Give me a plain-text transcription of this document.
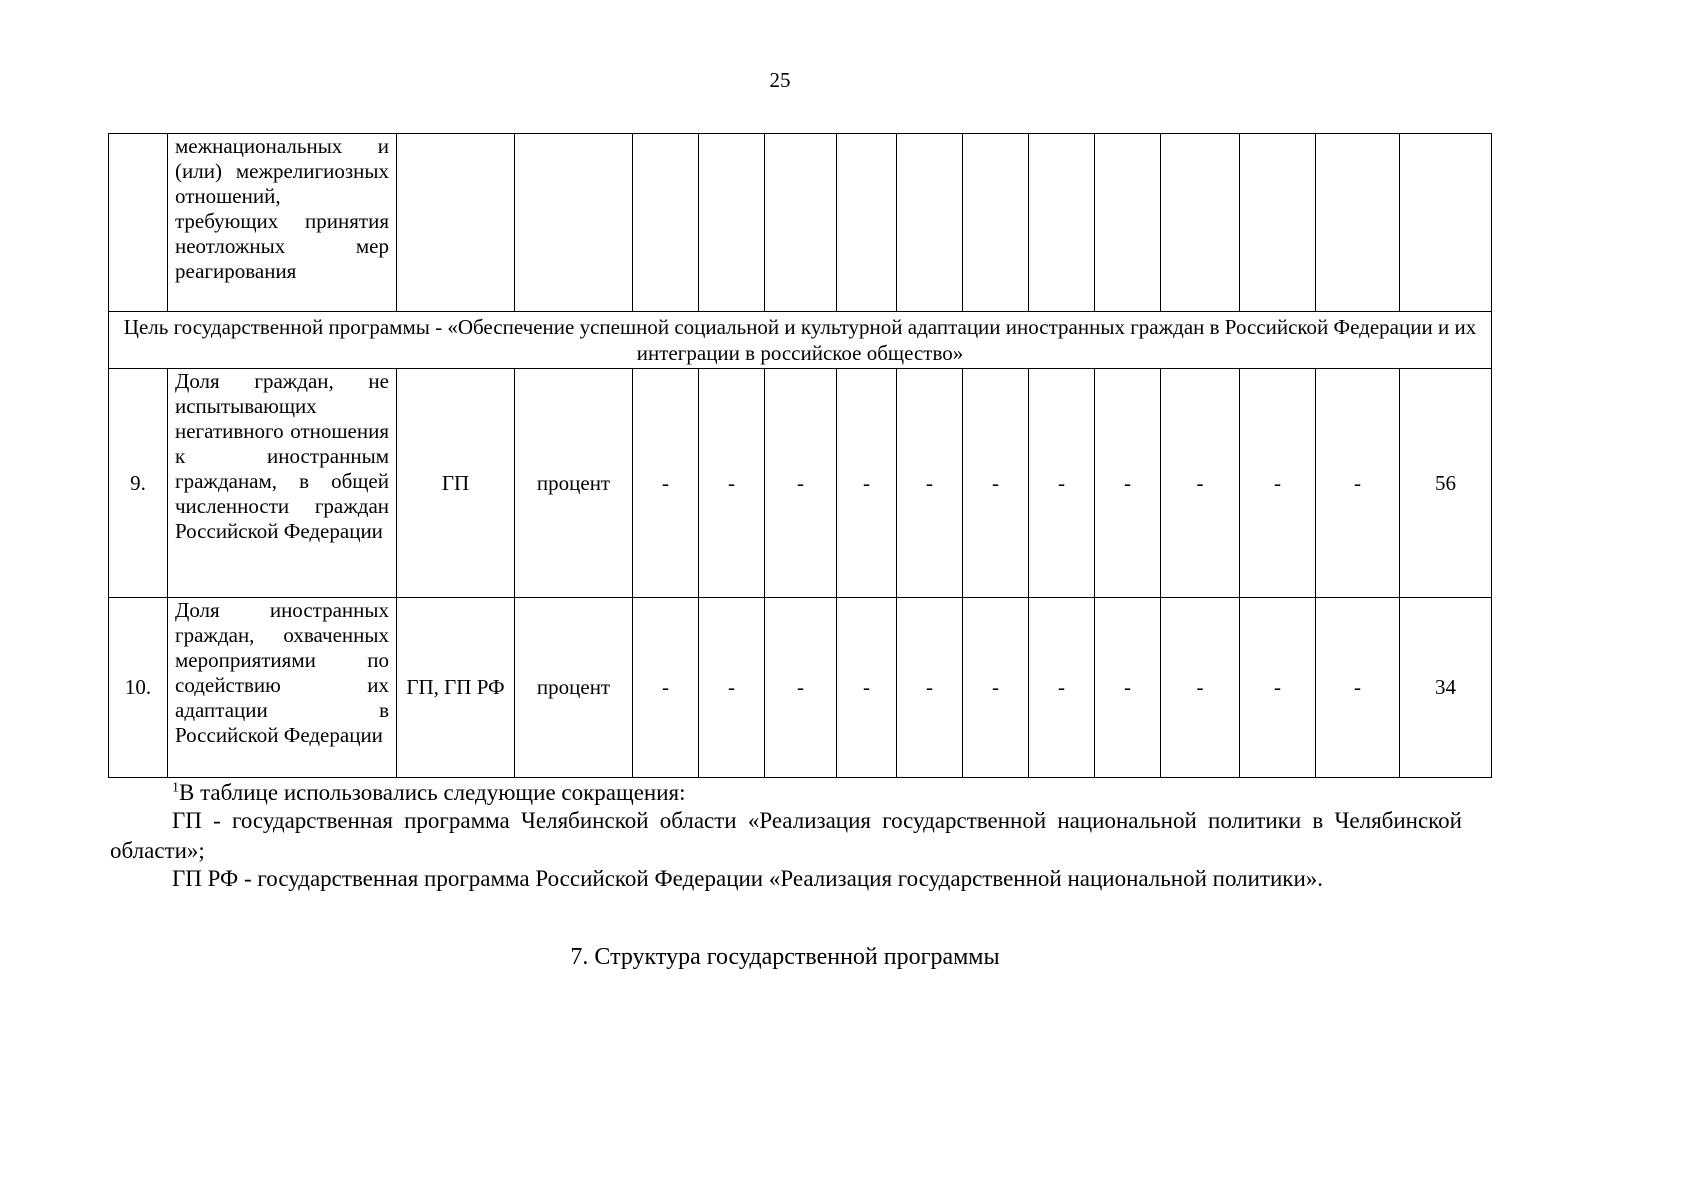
25
	межнациональных и (или) межрелигиозных отношений, требующих принятия неотложных мер реагирования														
Цель государственной программы - «Обеспечение успешной социальной и культурной адаптации иностранных граждан в Российской Федерации и их интеграции в российское общество»															
9.	Доля граждан, не испытывающих негативного отношения к иностранным гражданам, в общей численности граждан Российской Федерации	ГП	процент	-	-	-	-	-	-	-	-	-	-	-	56
10.	Доля иностранных граждан, охваченных мероприятиями по содействию их адаптации в Российской Федерации	ГП, ГП РФ	процент	-	-	-	-	-	-	-	-	-	-	-	34
$^1$В таблице использовались следующие сокращения:
ГП - государственная программа Челябинской области «Реализация государственной национальной политики в Челябинской области»;
ГП РФ - государственная программа Российской Федерации «Реализация государственной национальной политики».
7. Структура государственной программы
